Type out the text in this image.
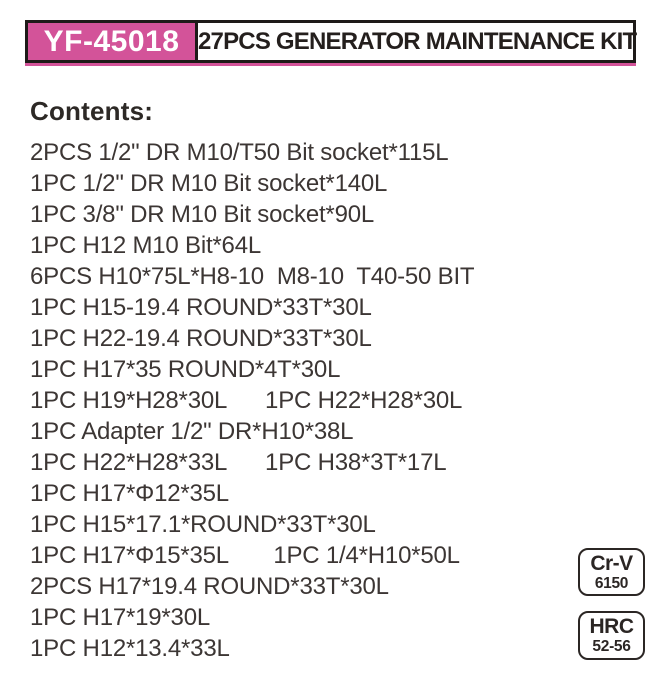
YF-45018 27PCS GENERATOR MAINTENANCE KIT
Contents:
2PCS 1/2" DR M10/T50 Bit socket*115L
1PC 1/2" DR M10 Bit socket*140L
1PC 3/8" DR M10 Bit socket*90L
1PC H12 M10 Bit*64L
6PCS H10*75L*H8-10  M8-10  T40-50 BIT
1PC H15-19.4 ROUND*33T*30L
1PC H22-19.4 ROUND*33T*30L
1PC H17*35 ROUND*4T*30L
1PC H19*H28*30L      1PC H22*H28*30L
1PC Adapter 1/2" DR*H10*38L
1PC H22*H28*33L      1PC H38*3T*17L
1PC H17*Φ12*35L
1PC H15*17.1*ROUND*33T*30L
1PC H17*Φ15*35L       1PC 1/4*H10*50L
2PCS H17*19.4 ROUND*33T*30L
1PC H17*19*30L
1PC H12*13.4*33L
Cr-V
6150
HRC
52-56
